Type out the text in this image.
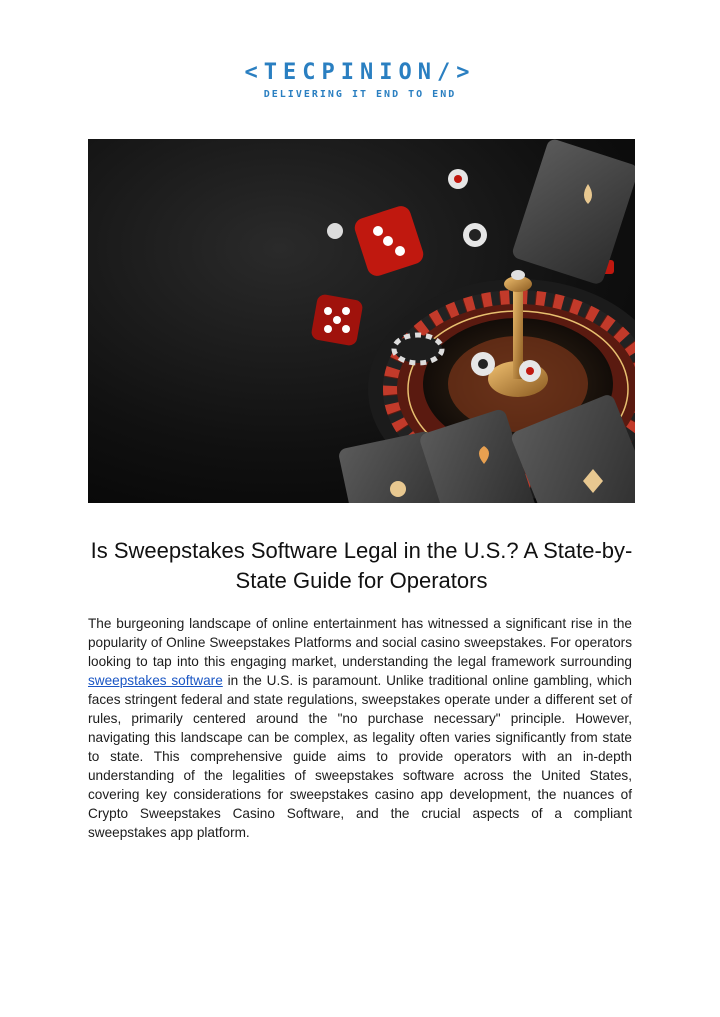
<TECPINION/>
DELIVERING IT END TO END
Is Sweepstakes Software Legal in the U.S.? A State-by-State Guide for Operators

The burgeoning landscape of online entertainment has witnessed a significant rise in the popularity of Online Sweepstakes Platforms and social casino sweepstakes. For operators looking to tap into this engaging market, understanding the legal framework surrounding sweepstakes software in the U.S. is paramount. Unlike traditional online gambling, which faces stringent federal and state regulations, sweepstakes operate under a different set of rules, primarily centered around the "no purchase necessary" principle. However, navigating this landscape can be complex, as legality often varies significantly from state to state. This comprehensive guide aims to provide operators with an in-depth understanding of the legalities of sweepstakes software across the United States, covering key considerations for sweepstakes casino app development, the nuances of Crypto Sweepstakes Casino Software, and the crucial aspects of a compliant sweepstakes app platform.
